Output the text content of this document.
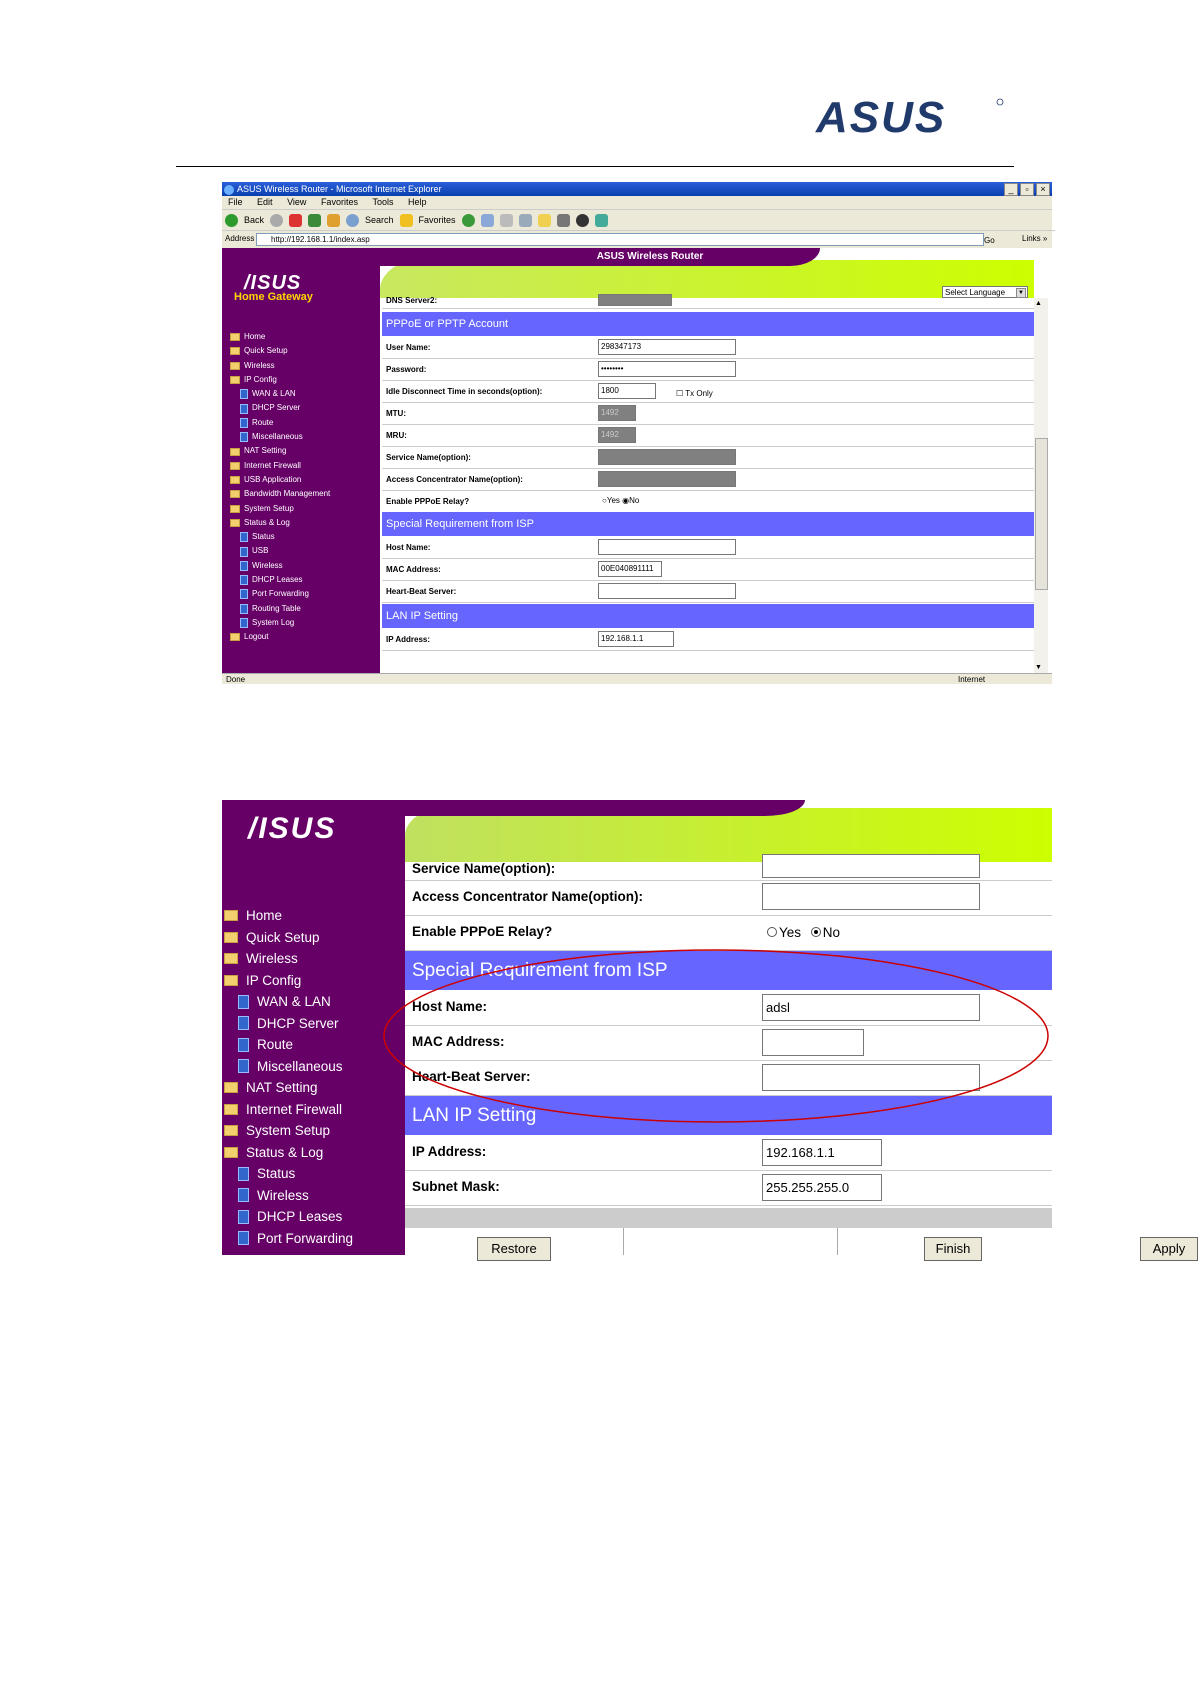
ASUS
ASUS Wireless Router - Microsoft Internet Explorer	_	▫	×
File Edit View Favorites Tools Help
Back	Search	Favorites
Address	http://192.168.1.1/index.asp	Go	Links »
/ISUS
Home Gateway
Home
Quick Setup
Wireless
IP Config
WAN & LAN
DHCP Server
Route
Miscellaneous
NAT Setting
Internet Firewall
USB Application
Bandwidth Management
System Setup
Status & Log
Status
USB
Wireless
DHCP Leases
Port Forwarding
Routing Table
System Log
Logout
ASUS Wireless Router
Select Language	▼
DNS Server2:
PPPoE or PPTP Account
User Name:	298347173
Password:	••••••••
Idle Disconnect Time in seconds(option):	1800	☐ Tx Only
MTU:	1492
MRU:	1492
Service Name(option):
Access Concentrator Name(option):
Enable PPPoE Relay?	○Yes ◉No
Special Requirement from ISP
Host Name:
MAC Address:	00E040891111
Heart-Beat Server:
LAN IP Setting
IP Address:	192.168.1.1
▲
▼
Done	Internet
/ISUS
Home
Quick Setup
Wireless
IP Config
WAN & LAN
DHCP Server
Route
Miscellaneous
NAT Setting
Internet Firewall
System Setup
Status & Log
Status
Wireless
DHCP Leases
Port Forwarding
Service Name(option):
Access Concentrator Name(option):
Enable PPPoE Relay?	Yes No
Special Requirement from ISP
Host Name:	adsl
MAC Address:
Heart-Beat Server:
LAN IP Setting
IP Address:	192.168.1.1
Subnet Mask:	255.255.255.0
Restore	Finish	Apply
